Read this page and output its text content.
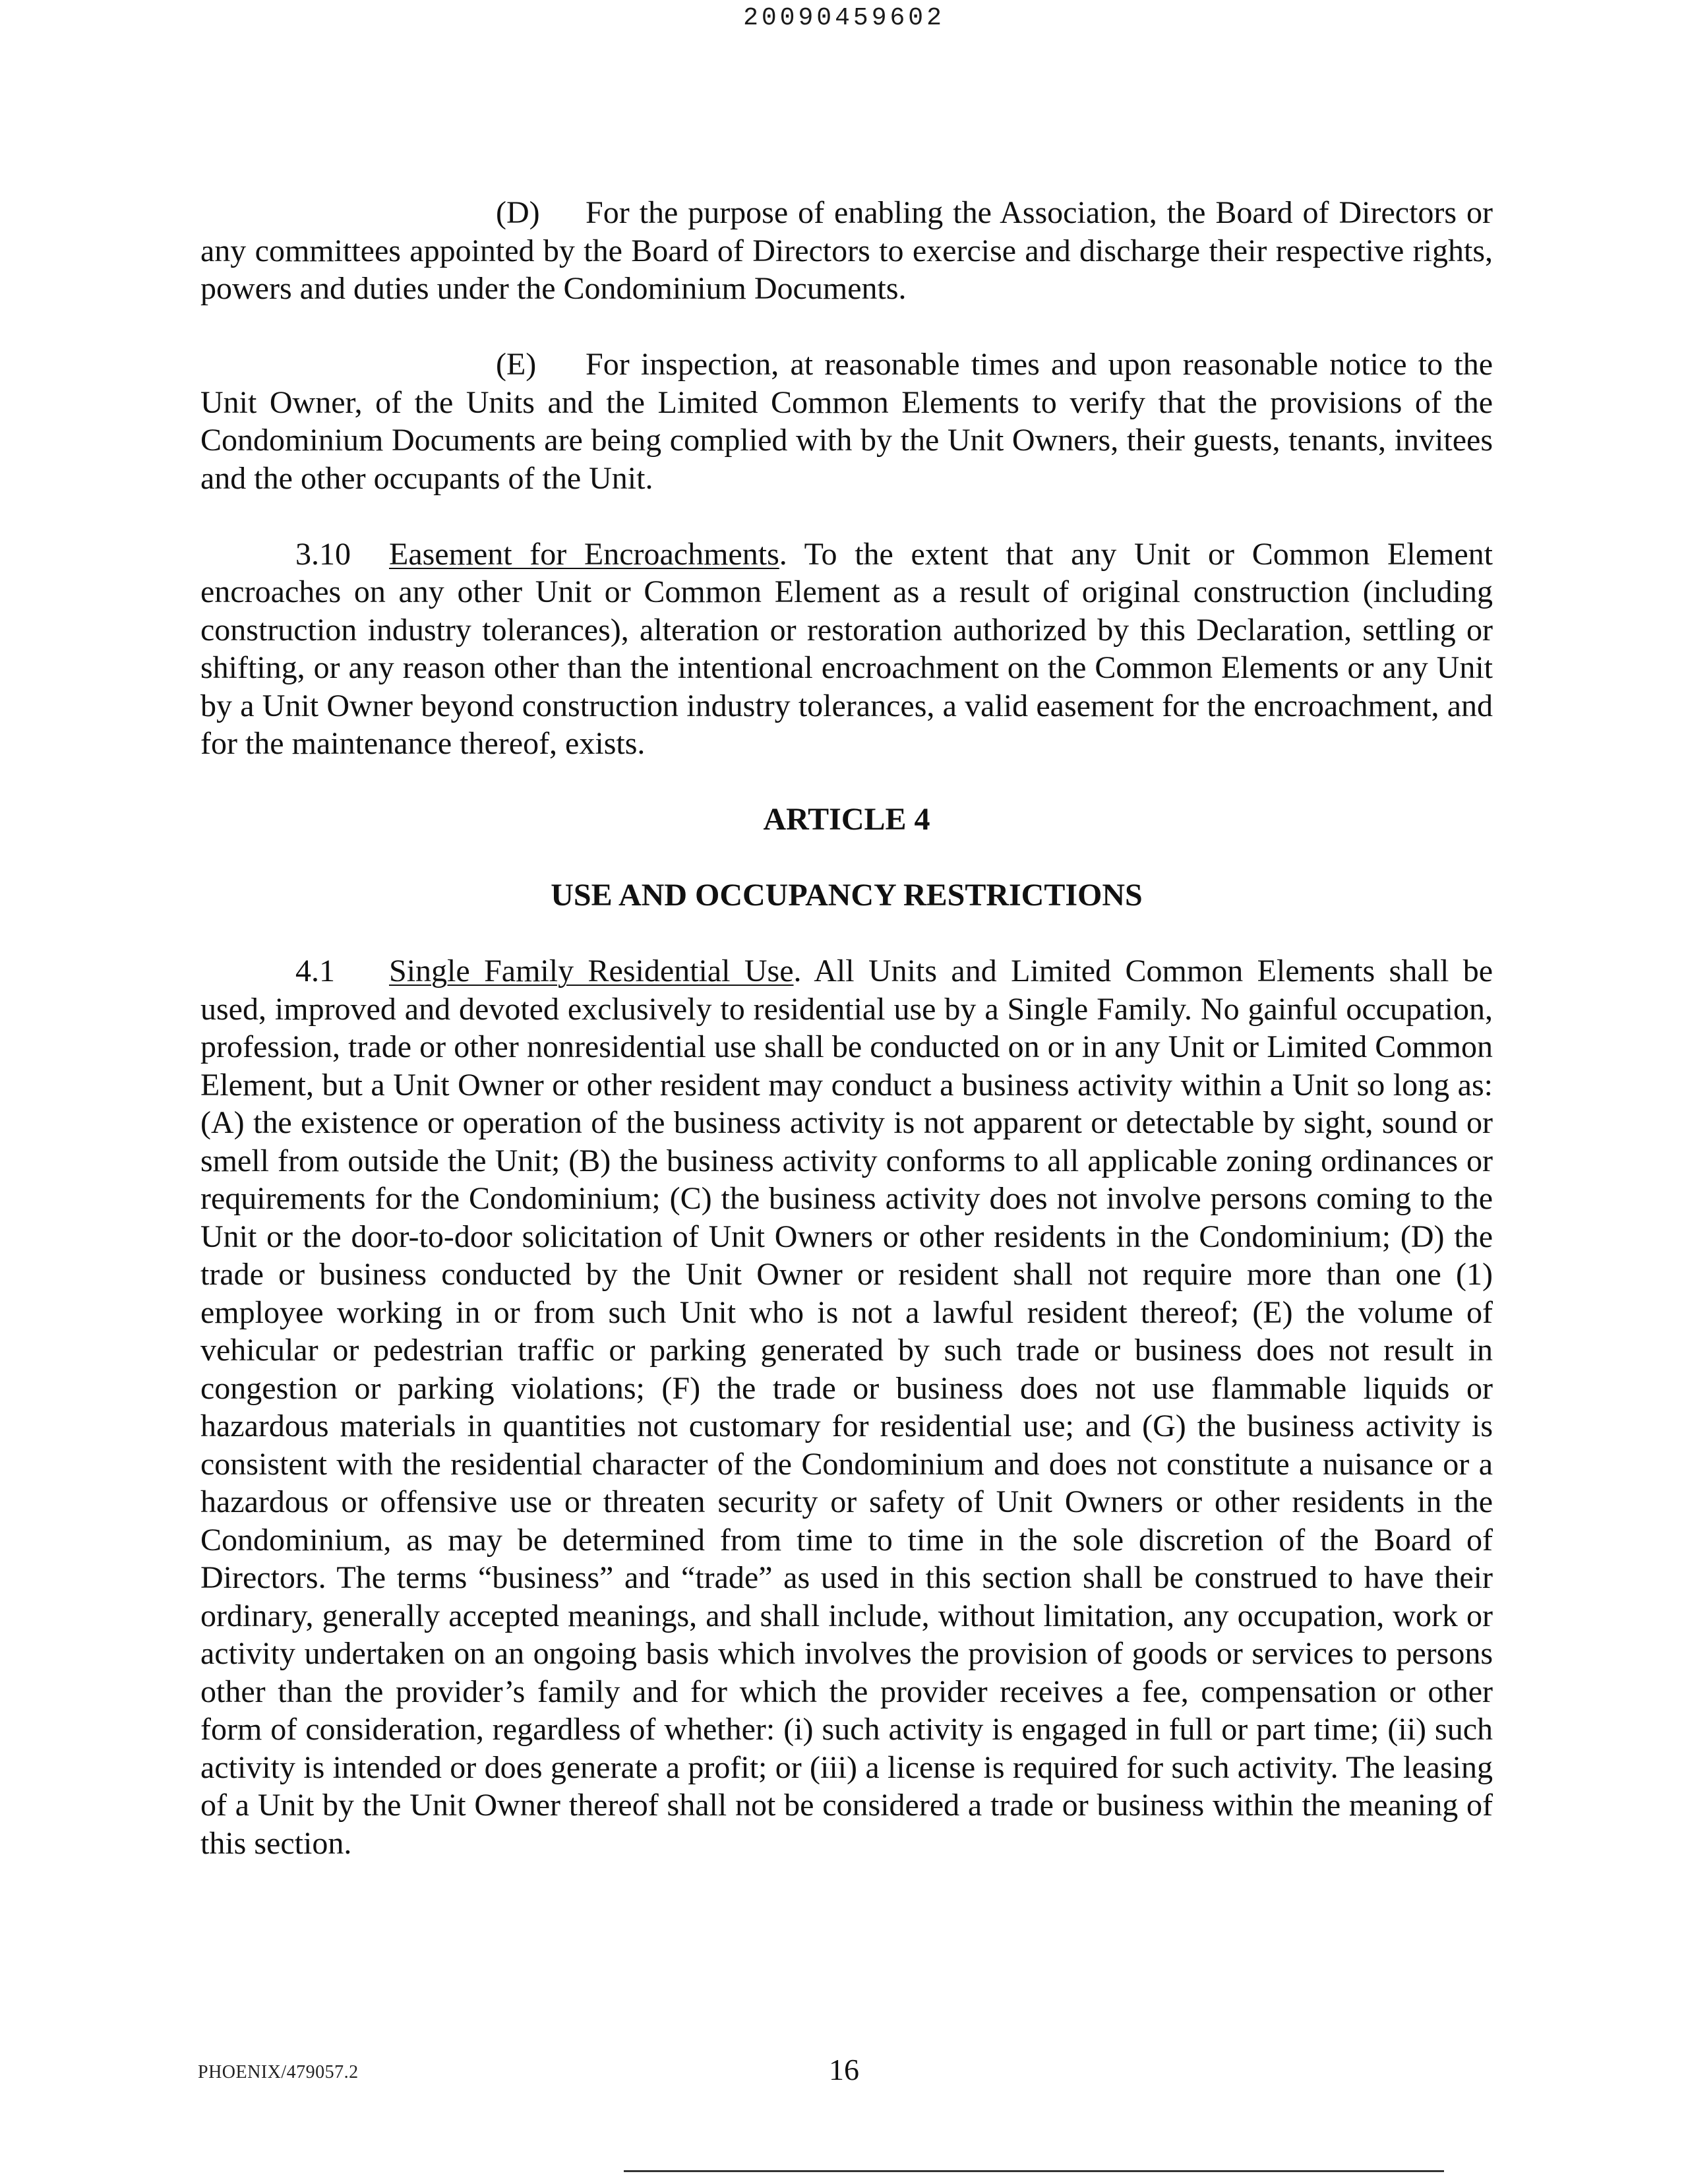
20090459602

(D) For the purpose of enabling the Association, the Board of Directors or any committees appointed by the Board of Directors to exercise and discharge their respective rights, powers and duties under the Condominium Documents.

(E) For inspection, at reasonable times and upon reasonable notice to the Unit Owner, of the Units and the Limited Common Elements to verify that the provisions of the Condominium Documents are being complied with by the Unit Owners, their guests, tenants, invitees and the other occupants of the Unit.

3.10 Easement for Encroachments. To the extent that any Unit or Common Element encroaches on any other Unit or Common Element as a result of original construction (including construction industry tolerances), alteration or restoration authorized by this Declaration, settling or shifting, or any reason other than the intentional encroachment on the Common Elements or any Unit by a Unit Owner beyond construction industry tolerances, a valid easement for the encroachment, and for the maintenance thereof, exists.

ARTICLE 4

USE AND OCCUPANCY RESTRICTIONS

4.1 Single Family Residential Use. All Units and Limited Common Elements shall be used, improved and devoted exclusively to residential use by a Single Family. No gainful occupation, profession, trade or other nonresidential use shall be conducted on or in any Unit or Limited Common Element, but a Unit Owner or other resident may conduct a business activity within a Unit so long as: (A) the existence or operation of the business activity is not apparent or detectable by sight, sound or smell from outside the Unit; (B) the business activity conforms to all applicable zoning ordinances or requirements for the Condominium; (C) the business activity does not involve persons coming to the Unit or the door-to-door solicitation of Unit Owners or other residents in the Condominium; (D) the trade or business conducted by the Unit Owner or resident shall not require more than one (1) employee working in or from such Unit who is not a lawful resident thereof; (E) the volume of vehicular or pedestrian traffic or parking generated by such trade or business does not result in congestion or parking violations; (F) the trade or business does not use flammable liquids or hazardous materials in quantities not customary for residential use; and (G) the business activity is consistent with the residential character of the Condominium and does not constitute a nuisance or a hazardous or offensive use or threaten security or safety of Unit Owners or other residents in the Condominium, as may be determined from time to time in the sole discretion of the Board of Directors. The terms “business” and “trade” as used in this section shall be construed to have their ordinary, generally accepted meanings, and shall include, without limitation, any occupation, work or activity undertaken on an ongoing basis which involves the provision of goods or services to persons other than the provider’s family and for which the provider receives a fee, compensation or other form of consideration, regardless of whether: (i) such activity is engaged in full or part time; (ii) such activity is intended or does generate a profit; or (iii) a license is required for such activity. The leasing of a Unit by the Unit Owner thereof shall not be considered a trade or business within the meaning of this section.

PHOENIX/479057.2	16
